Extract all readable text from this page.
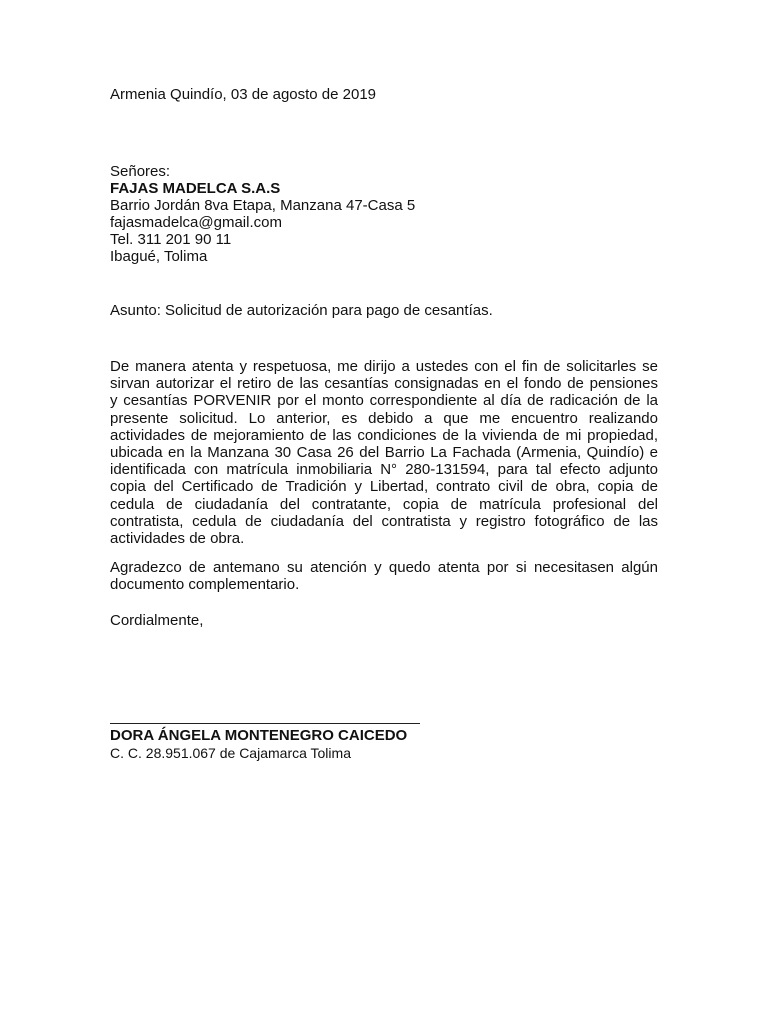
Armenia Quindío, 03 de agosto de 2019
Señores:
FAJAS MADELCA S.A.S
Barrio Jordán 8va Etapa, Manzana 47-Casa 5
fajasmadelca@gmail.com
Tel. 311 201 90 11
Ibagué, Tolima
Asunto: Solicitud de autorización para pago de cesantías.
De manera atenta y respetuosa, me dirijo a ustedes con el fin de solicitarles se
sirvan autorizar el retiro de las cesantías consignadas en el fondo de pensiones
y cesantías PORVENIR por el monto correspondiente al día de radicación de la
presente solicitud. Lo anterior, es debido a que me encuentro realizando
actividades de mejoramiento de las condiciones de la vivienda de mi propiedad,
ubicada en la Manzana 30 Casa 26 del Barrio La Fachada (Armenia, Quindío) e
identificada con matrícula inmobiliaria N° 280-131594, para tal efecto adjunto
copia del Certificado de Tradición y Libertad, contrato civil de obra, copia de
cedula de ciudadanía del contratante, copia de matrícula profesional del
contratista, cedula de ciudadanía del contratista y registro fotográfico de las
actividades de obra.
Agradezco de antemano su atención y quedo atenta por si necesitasen algún
documento complementario.
Cordialmente,
DORA ÁNGELA MONTENEGRO CAICEDO
C. C. 28.951.067 de Cajamarca Tolima
